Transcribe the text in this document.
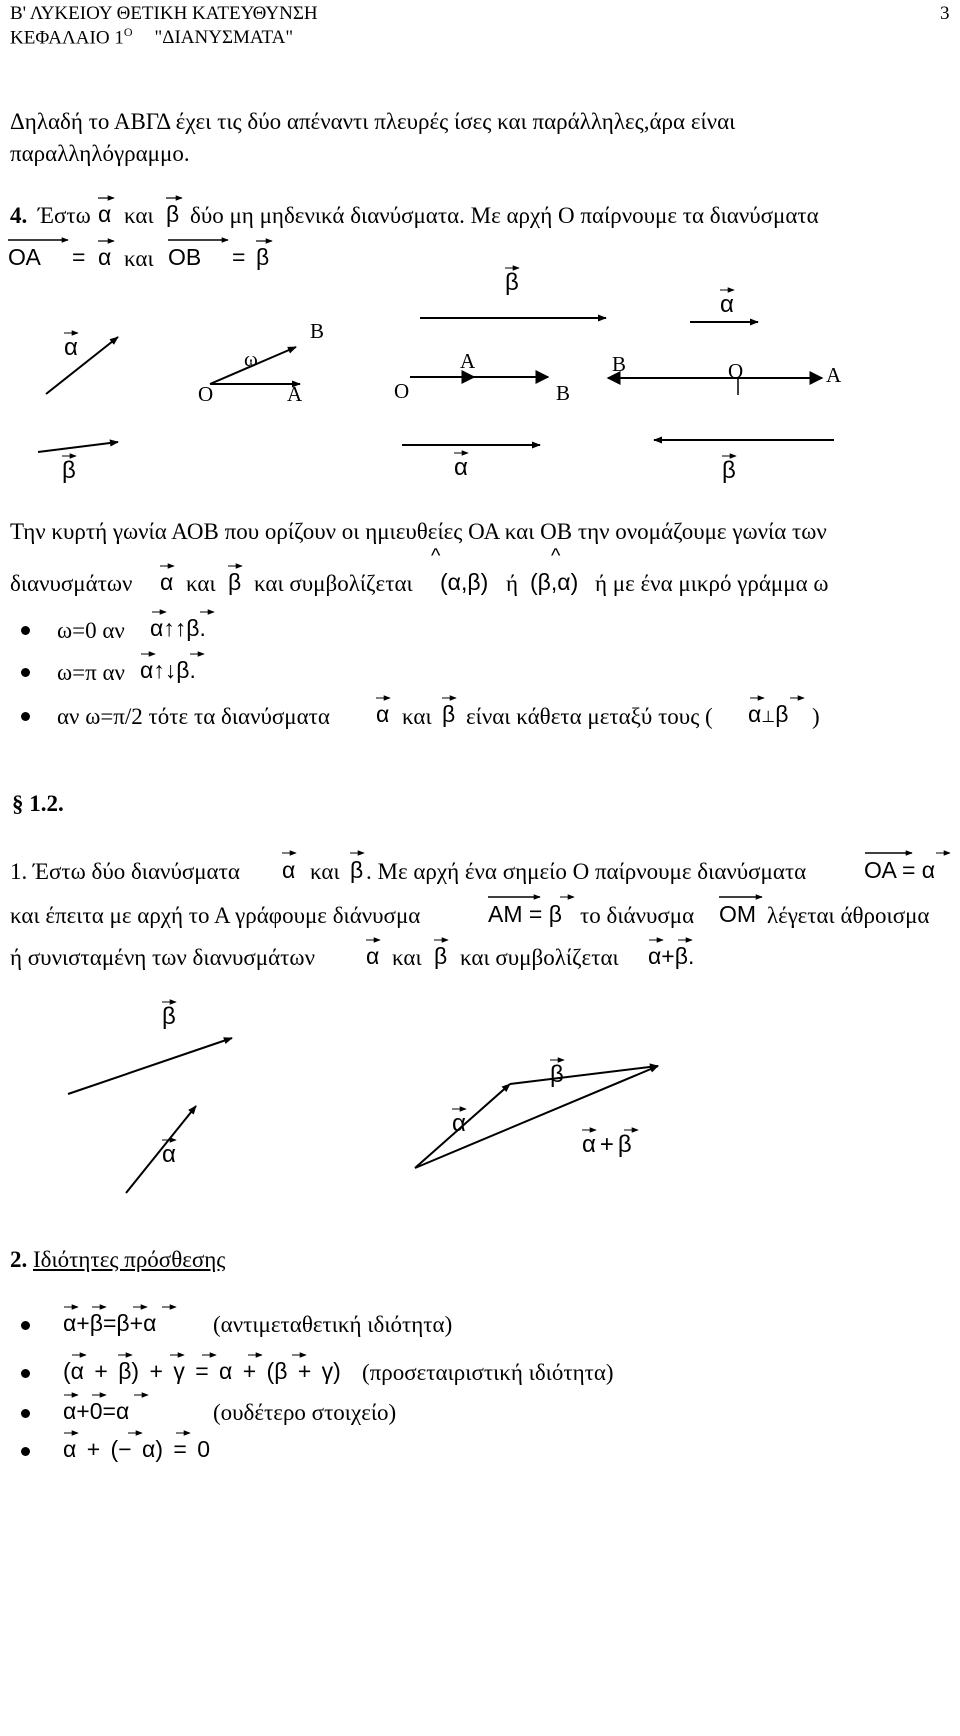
Β' ΛΥΚΕΙΟΥ ΘΕΤΙΚΗ ΚΑΤΕΥΘΥΝΣΗ	3
ΚΕΦΑΛΑΙΟ $1^O$ "ΔΙΑΝΥΣΜΑΤΑ"
Δηλαδή το ΑΒΓΔ έχει τις δύο απέναντι πλευρές ίσες και παράλληλες,άρα είναι
παραλληλόγραμμο.
4. Έστω α και β δύο μη μηδενικά διανύσματα. Με αρχή Ο παίρνουμε τα διανύσματα
ΟΑ = α και ΟΒ = β
α
β
Ο	Α
Β
ω
Ο
Α
Β
β
α
Β	Ο	Α
α
β
Την κυρτή γωνία ΑΟΒ που ορίζουν οι ημιευθείες ΟΑ και ΟΒ την ονομάζουμε γωνία των
^	^
διανυσμάτων α και β και συμβολίζεται (α,β) ή (β,α) ή με ένα μικρό γράμμα ω
ω=0 αν α↑↑β.
ω=π αν α↑↓β.
αν ω=π/2 τότε τα διανύσματα α και β είναι κάθετα μεταξύ τους ( α⊥β )
§ 1.2.
1. Έστω δύο διανύσματα α και β . Με αρχή ένα σημείο Ο παίρνουμε διανύσματα	ΟΑ = α
και έπειτα με αρχή το Α γράφουμε διάνυσμα	ΑΜ = β το διάνυσμα ΟΜ λέγεται άθροισμα
ή συνισταμένη των διανυσμάτων α και β και συμβολίζεται α+β.
β
α
α
β
α + β
2. Ιδιότητες πρόσθεσης
α+β=β+α (αντιμεταθετική ιδιότητα)
(α + β) + γ = α + (β + γ) (προσεταιριστική ιδιότητα)
α+0=α	(ουδέτερο στοιχείο)
α + (− α) = 0
